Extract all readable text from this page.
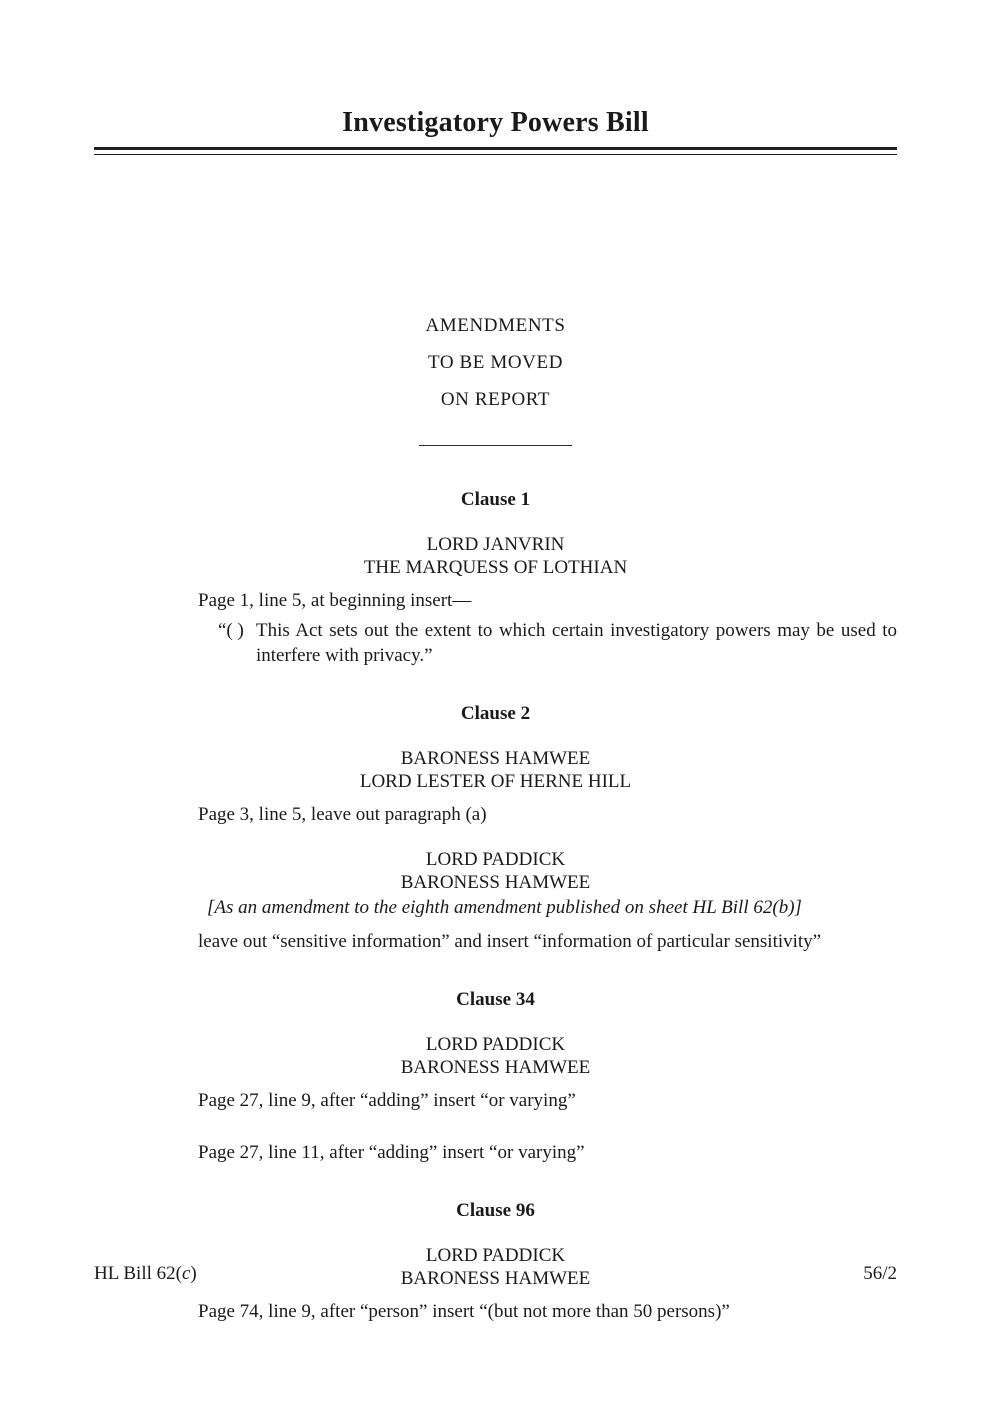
Investigatory Powers Bill
AMENDMENTS
TO BE MOVED
ON REPORT
Clause 1
LORD JANVRIN
THE MARQUESS OF LOTHIAN

Page 1, line 5, at beginning insert—

“( ) This Act sets out the extent to which certain investigatory powers may be used to interfere with privacy.”
Clause 2
BARONESS HAMWEE
LORD LESTER OF HERNE HILL

Page 3, line 5, leave out paragraph (a)

LORD PADDICK
BARONESS HAMWEE

[As an amendment to the eighth amendment published on sheet HL Bill 62(b)]

leave out “sensitive information” and insert “information of particular sensitivity”

Clause 34
LORD PADDICK
BARONESS HAMWEE

Page 27, line 9, after “adding” insert “or varying”

Page 27, line 11, after “adding” insert “or varying”

Clause 96
LORD PADDICK
BARONESS HAMWEE

Page 74, line 9, after “person” insert “(but not more than 50 persons)”

HL Bill 62(c)	56/2
